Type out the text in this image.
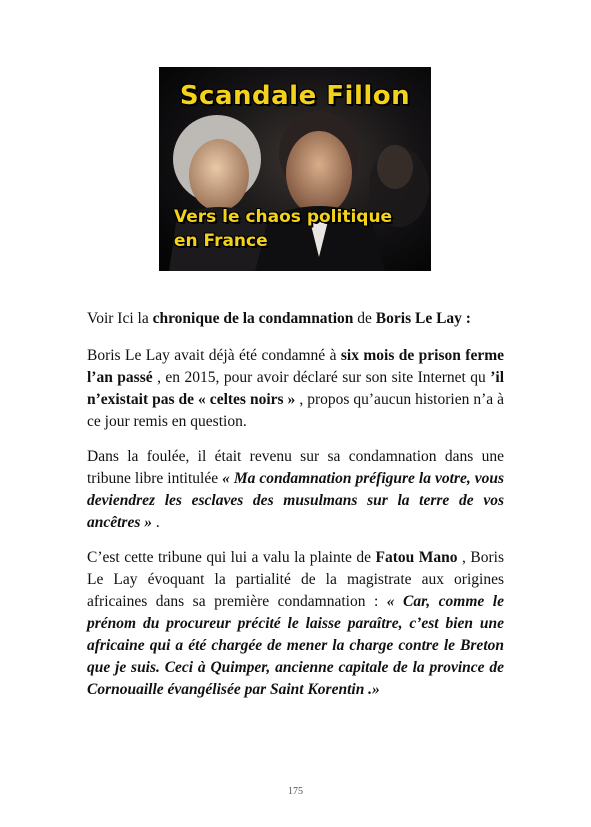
Scandale Fillon
Vers le chaos politique
en France

Voir Ici la chronique de la condamnation de Boris Le Lay :

Boris Le Lay avait déjà été condamné à six mois de prison ferme l’an passé , en 2015, pour avoir déclaré sur son site Internet qu ’il n’existait pas de « celtes noirs » , propos qu’aucun historien n’a à ce jour remis en question.

Dans la foulée, il était revenu sur sa condamnation dans une tribune libre intitulée « Ma condamnation préfigure la votre, vous deviendrez les esclaves des musulmans sur la terre de vos ancêtres » .

C’est cette tribune qui lui a valu la plainte de Fatou Mano , Boris Le Lay évoquant la partialité de la magistrate aux origines africaines dans sa première condamnation : « Car, comme le prénom du procureur précité le laisse paraître, c’est bien une africaine qui a été chargée de mener la charge contre le Breton que je suis. Ceci à Quimper, ancienne capitale de la province de Cornouaille évangélisée par Saint Korentin .»

175
